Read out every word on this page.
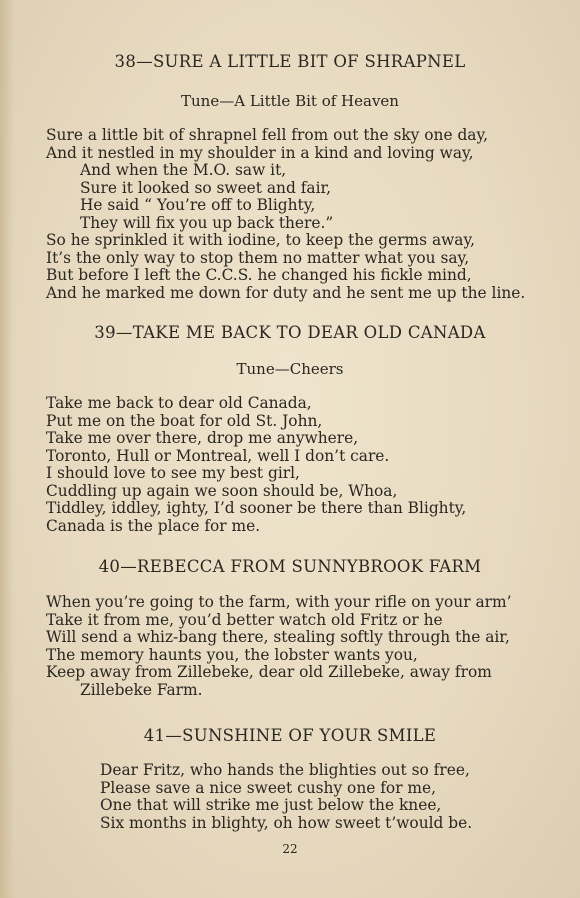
38—SURE A LITTLE BIT OF SHRAPNEL

Tune—A Little Bit of Heaven

Sure a little bit of shrapnel fell from out the sky one day,

And it nestled in my shoulder in a kind and loving way,

And when the M.O. saw it,

Sure it looked so sweet and fair,

He said “ You’re off to Blighty,

They will fix you up back there.”

So he sprinkled it with iodine, to keep the germs away,

It’s the only way to stop them no matter what you say,

But before I left the C.C.S. he changed his fickle mind,

And he marked me down for duty and he sent me up the line.

39—TAKE ME BACK TO DEAR OLD CANADA

Tune—Cheers

Take me back to dear old Canada,

Put me on the boat for old St. John,

Take me over there, drop me anywhere,

Toronto, Hull or Montreal, well I don’t care.

I should love to see my best girl,

Cuddling up again we soon should be, Whoa,

Tiddley, iddley, ighty, I’d sooner be there than Blighty,

Canada is the place for me.

40—REBECCA FROM SUNNYBROOK FARM

When you’re going to the farm, with your rifle on your arm’

Take it from me, you’d better watch old Fritz or he

Will send a whiz-bang there, stealing softly through the air,

The memory haunts you, the lobster wants you,

Keep away from Zillebeke, dear old Zillebeke, away from

Zillebeke Farm.

41—SUNSHINE OF YOUR SMILE

Dear Fritz, who hands the blighties out so free,

Please save a nice sweet cushy one for me,

One that will strike me just below the knee,

Six months in blighty, oh how sweet t’would be.

22
